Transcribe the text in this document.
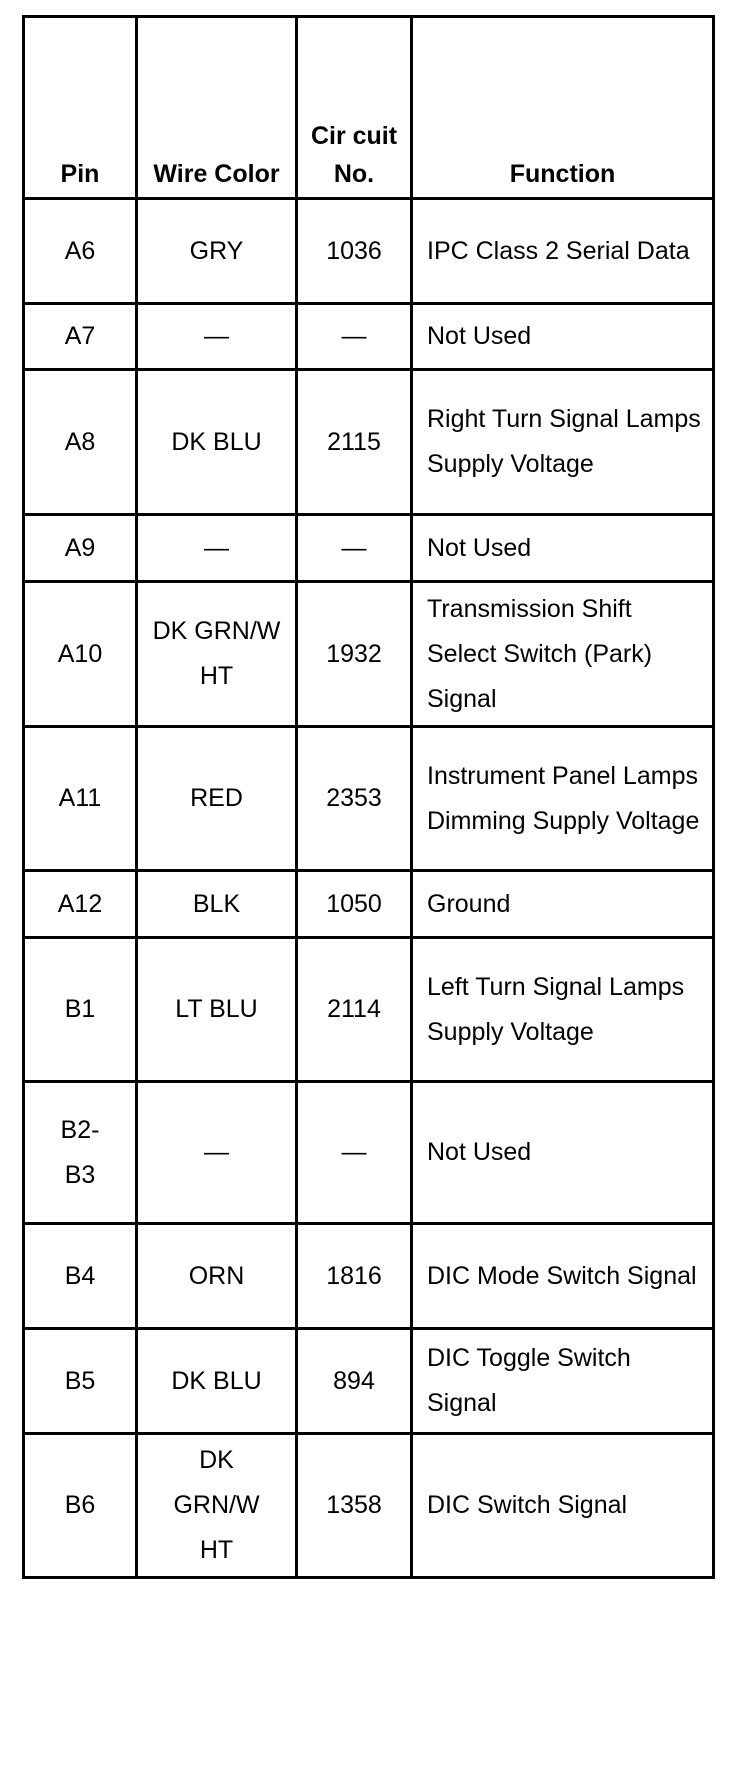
Pin	Wire Color	Cir cuit No.	Function
A6	GRY	1036	IPC Class 2 Serial Data
A7	—	—	Not Used
A8	DK BLU	2115	Right Turn Signal Lamps Supply Voltage
A9	—	—	Not Used
A10	DK GRN/W HT	1932	Transmission Shift Select Switch (Park) Signal
A11	RED	2353	Instrument Panel Lamps Dimming Supply Voltage
A12	BLK	1050	Ground
B1	LT BLU	2114	Left Turn Signal Lamps Supply Voltage
B2-B3	—	—	Not Used
B4	ORN	1816	DIC Mode Switch Signal
B5	DK BLU	894	DIC Toggle Switch Signal
B6	DK GRN/W HT	1358	DIC Switch Signal
